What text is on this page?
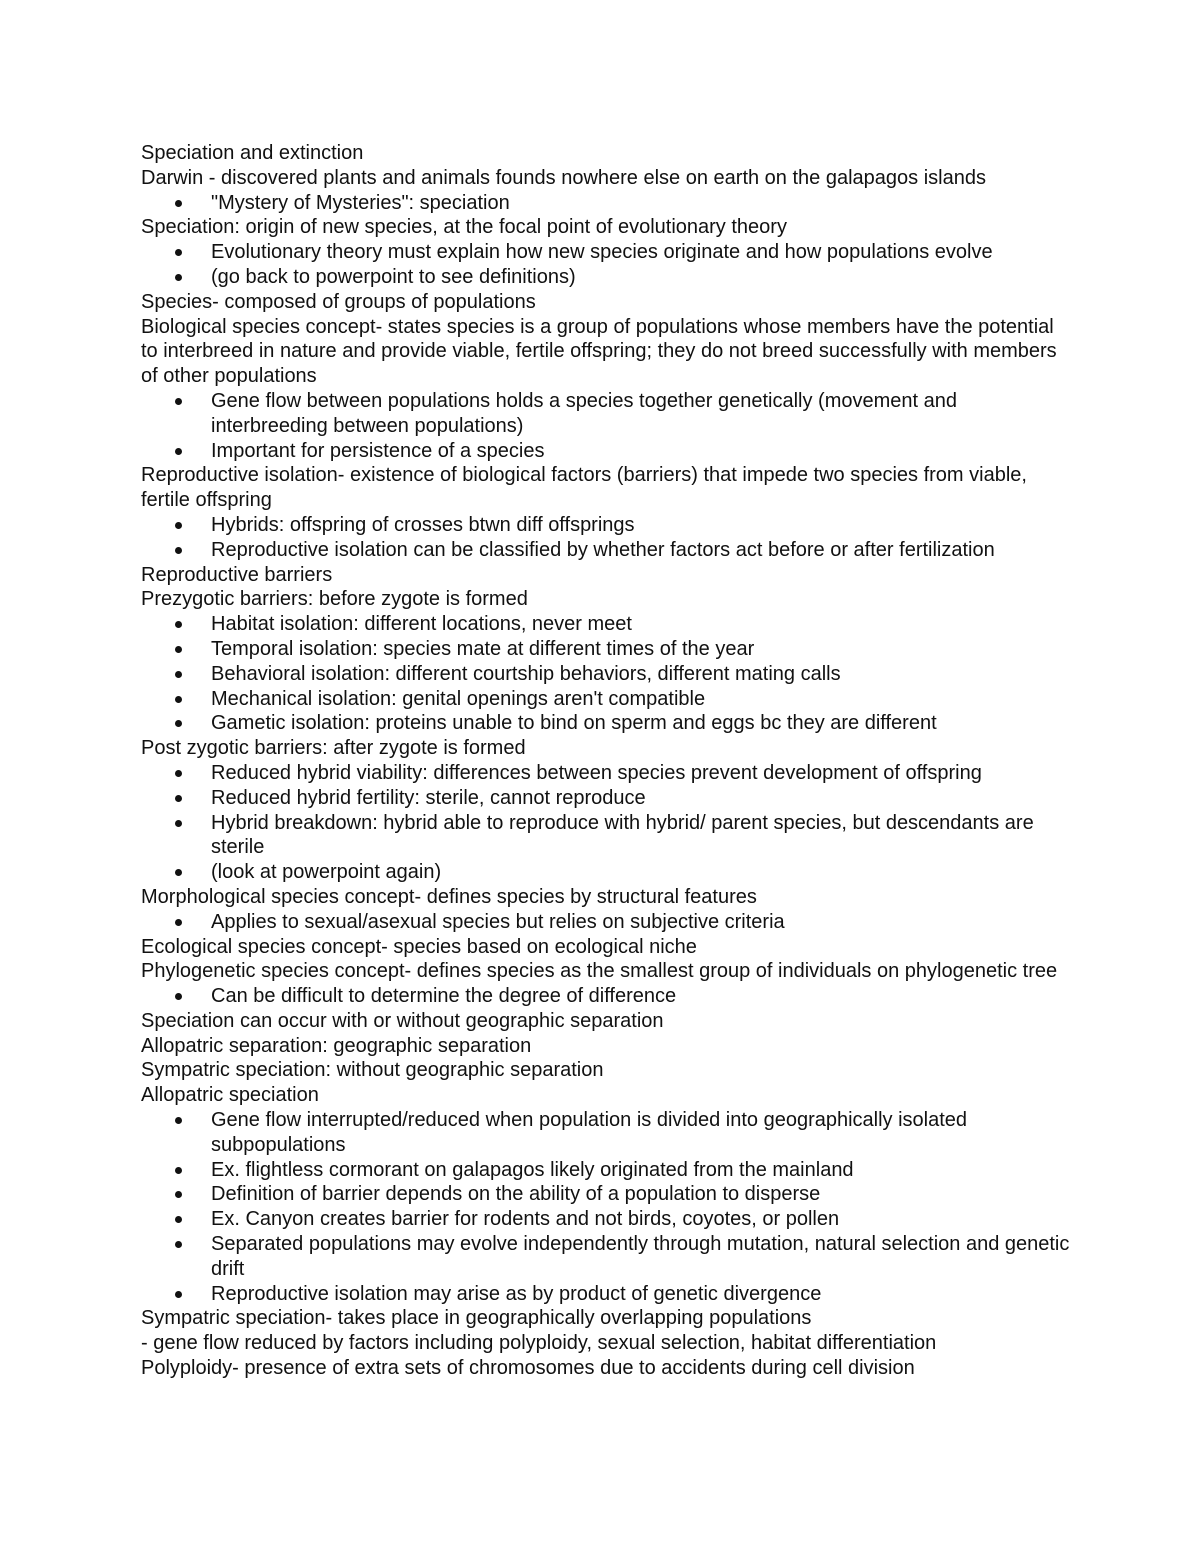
Speciation and extinction
Darwin - discovered plants and animals founds nowhere else on earth on the galapagos islands
"Mystery of Mysteries": speciation
Speciation: origin of new species, at the focal point of evolutionary theory
Evolutionary theory must explain how new species originate and how populations evolve
(go back to powerpoint to see definitions)
Species- composed of groups of populations
Biological species concept- states species is a group of populations whose members have the potential to interbreed in nature and provide viable, fertile offspring; they do not breed successfully with members of other populations
Gene flow between populations holds a species together genetically (movement and interbreeding between populations)
Important for persistence of a species
Reproductive isolation- existence of biological factors (barriers) that impede two species from viable, fertile offspring
Hybrids: offspring of crosses btwn diff offsprings
Reproductive isolation can be classified by whether factors act before or after fertilization
Reproductive barriers
Prezygotic barriers: before zygote is formed
Habitat isolation: different locations, never meet
Temporal isolation: species mate at different times of the year
Behavioral isolation: different courtship behaviors, different mating calls
Mechanical isolation: genital openings aren't compatible
Gametic isolation: proteins unable to bind on sperm and eggs bc they are different
Post zygotic barriers: after zygote is formed
Reduced hybrid viability: differences between species prevent development of offspring
Reduced hybrid fertility: sterile, cannot reproduce
Hybrid breakdown: hybrid able to reproduce with hybrid/ parent species, but descendants are sterile
(look at powerpoint again)
Morphological species concept- defines species by structural features
Applies to sexual/asexual species but relies on subjective criteria
Ecological species concept- species based on ecological niche
Phylogenetic species concept- defines species as the smallest group of individuals on phylogenetic tree
Can be difficult to determine the degree of difference
Speciation can occur with or without geographic separation
Allopatric separation: geographic separation
Sympatric speciation: without geographic separation
Allopatric speciation
Gene flow interrupted/reduced when population is divided into geographically isolated subpopulations
Ex. flightless cormorant on galapagos likely originated from the mainland
Definition of barrier depends on the ability of a population to disperse
Ex. Canyon creates barrier for rodents and not birds, coyotes, or pollen
Separated populations may evolve independently through mutation, natural selection and genetic drift
Reproductive isolation may arise as by product of genetic divergence
Sympatric speciation- takes place in geographically overlapping populations
- gene flow reduced by factors including polyploidy, sexual selection, habitat differentiation
Polyploidy- presence of extra sets of chromosomes due to accidents during cell division
